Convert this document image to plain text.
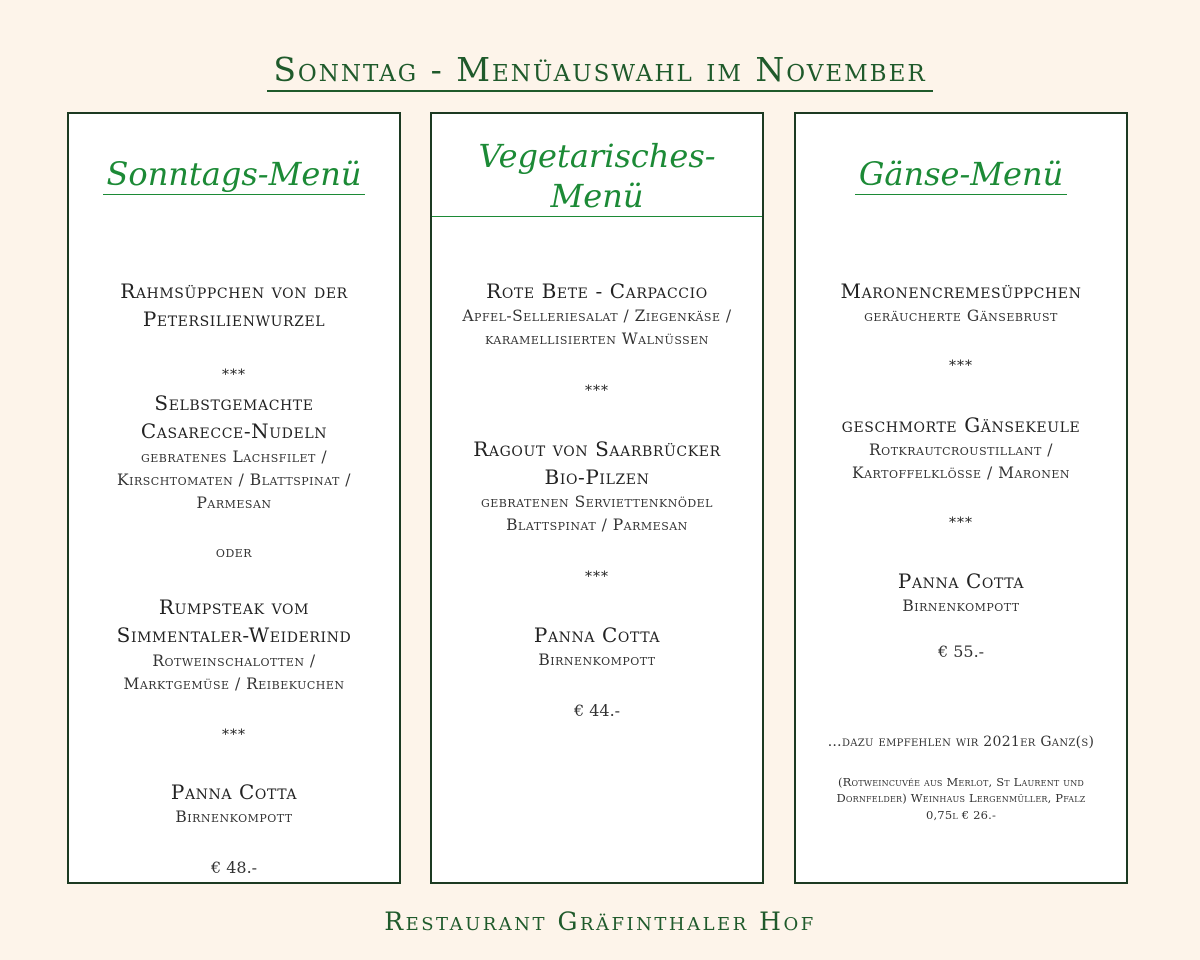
Sonntag - Menüauswahl im November
Sonntags-Menü
Rahmsüppchen von der Petersilienwurzel
***
Selbstgemachte Casarecce-Nudeln
gebratenes Lachsfilet / Kirschtomaten / Blattspinat / Parmesan
oder
Rumpsteak vom Simmentaler-Weiderind
Rotweinschalotten / Marktgemüse / Reibekuchen
***
Panna Cotta
Birnenkompott
€ 48.-
Vegetarisches-Menü
Rote Bete - Carpaccio
Apfel-Selleriesalat / Ziegenkäse / karamellisierten Walnüssen
***
Ragout von Saarbrücker Bio-Pilzen
gebratenen Serviettenknödel Blattspinat / Parmesan
***
Panna Cotta
Birnenkompott
€ 44.-
Gänse-Menü
Maronencremesüppchen
geräucherte Gänsebrust
***
geschmorte Gänsekeule
Rotkrautcroustillant / Kartoffelklösse / Maronen
***
Panna Cotta
Birnenkompott
€ 55.-
…dazu empfehlen wir 2021er Ganz(s)
(Rotweincuvée aus Merlot, St Laurent und Dornfelder) Weinhaus Lergenmüller, Pfalz
0,75l € 26.-
Restaurant Gräfinthaler Hof
